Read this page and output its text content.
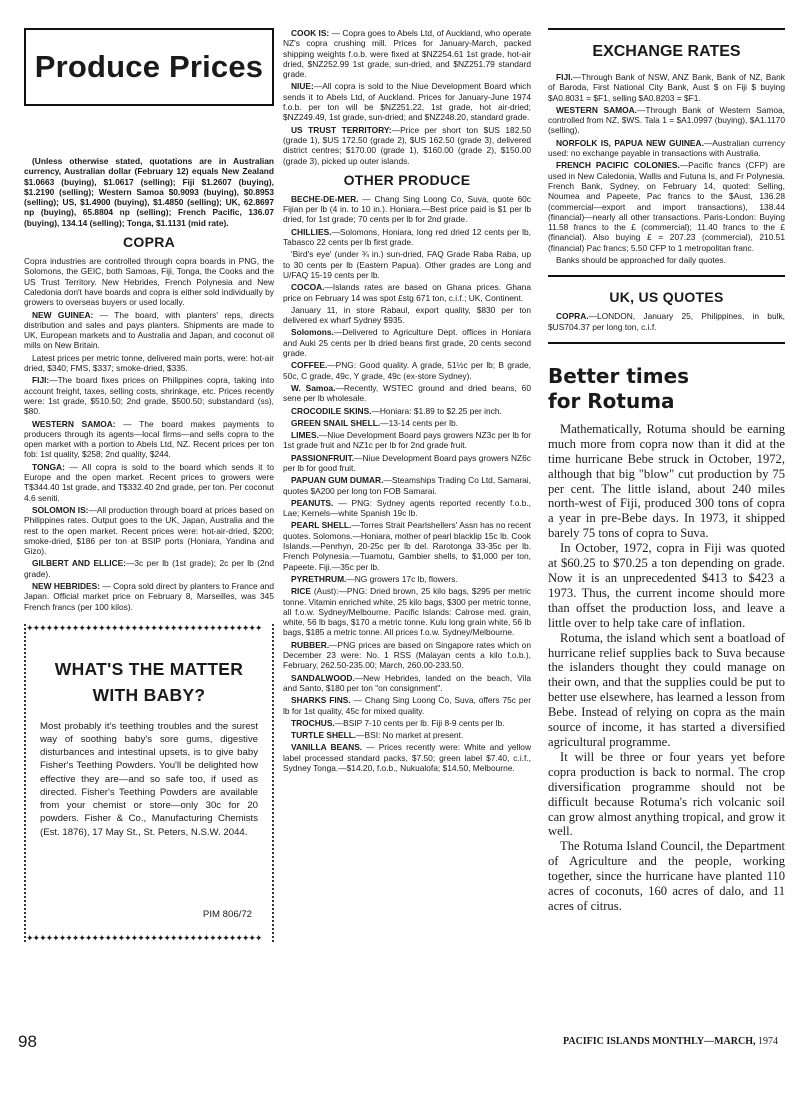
Produce Prices

(Unless otherwise stated, quotations are in Australian currency, Australian dollar (February 12) equals New Zealand $1.0663 (buying), $1.0617 (selling); Fiji $1.2607 (buying), $1.2190 (selling); Western Samoa $0.9093 (buying), $0.8953 (selling); US, $1.4900 (buying), $1.4850 (selling); UK, 62.8697 np (buying), 65.8804 np (selling); French Pacific, 136.07 (buying), 134.14 (selling); Tonga, $1.1131 (mid rate).

COPRA

Copra industries are controlled through copra boards in PNG, the Solomons, the GEIC, both Samoas, Fiji, Tonga, the Cooks and the US Trust Territory. New Hebrides, French Polynesia and New Caledonia don't have boards and copra is either sold individually by growers to overseas buyers or used locally.

NEW GUINEA: — The board, with planters' reps, directs distribution and sales and pays planters. Shipments are made to UK, European markets and to Australia and Japan, and coconut oil mills on New Britain.

Latest prices per metric tonne, delivered main ports, were: hot-air dried, $340; FMS, $337; smoke-dried, $335.

FIJI:—The board fixes prices on Philippines copra, taking into account freight, taxes, selling costs, shrinkage, etc. Prices recently were: 1st grade, $510.50; 2nd grade, $500.50; substandard (ss), $80.

WESTERN SAMOA: — The board makes payments to producers through its agents—local firms—and sells copra to the open market with a portion to Abels Ltd, NZ. Recent prices per ton fob: 1st quality, $258; 2nd quality, $244.

TONGA: — All copra is sold to the board which sends it to Europe and the open market. Recent prices to growers were T$344.40 1st grade, and T$332.40 2nd grade, per ton. Per coconut 4.6 seniti.

SOLOMON IS:—All production through board at prices based on Philippines rates. Output goes to the UK, Japan, Australia and the rest to the open market. Recent prices were: hot-air-dried, $200; smoke-dried, $186 per ton at BSIP ports (Honiara, Yandina and Gizo).

GILBERT AND ELLICE:—3c per lb (1st grade); 2c per lb (2nd grade).

NEW HEBRIDES: — Copra sold direct by planters to France and Japan. Official market price on February 8, Marseilles, was 345 French francs (per 100 kilos).

✦✦✦✦✦✦✦✦✦✦✦✦✦✦✦✦✦✦✦✦✦✦✦✦✦✦✦✦✦✦✦✦✦✦✦✦
WHAT'S THE MATTER WITH BABY?
Most probably it's teething troubles and the surest way of soothing baby's sore gums, digestive disturbances and intestinal upsets, is to give baby Fisher's Teething Powders. You'll be delighted how effective they are—and so safe too, if used as directed. Fisher's Teething Powders are available from your chemist or store—only 30c for 20 powders. Fisher & Co., Manufacturing Chemists (Est. 1876), 17 May St., St. Peters, N.S.W. 2044.
PIM 806/72
✦✦✦✦✦✦✦✦✦✦✦✦✦✦✦✦✦✦✦✦✦✦✦✦✦✦✦✦✦✦✦✦✦✦✦✦

COOK IS: — Copra goes to Abels Ltd, of Auckland, who operate NZ's copra crushing mill. Prices for January-March, packed shipping weights f.o.b. were fixed at $NZ254.61 1st grade, hot-air dried, $NZ252.99 1st grade, sun-dried, and $NZ251.79 standard grade.

NIUE:—All copra is sold to the Niue Development Board which sends it to Abels Ltd, of Auckland. Prices for January-June 1974 f.o.b. per ton will be $NZ251.22, 1st grade, hot air-dried; $NZ249.49, 1st grade, sun-dried; and $NZ248.20, standard grade.

US TRUST TERRITORY:—Price per short ton $US 182.50 (grade 1), $US 172.50 (grade 2), $US 162.50 (grade 3), delivered district centres; $170.00 (grade 1), $160.00 (grade 2), $150.00 (grade 3), picked up outer islands.

OTHER PRODUCE

BECHE-DE-MER. — Chang Sing Loong Co, Suva, quote 60c Fijian per lb (4 in. to 10 in.). Honiara.—Best price paid is $1 per lb dried, for 1st grade; 70 cents per lb for 2nd grade.

CHILLIES.—Solomons, Honiara, long red dried 12 cents per lb, Tabasco 22 cents per lb first grade.

'Bird's eye' (under ¾ in.) sun-dried, FAQ Grade Raba Raba, up to 30 cents per lb (Eastern Papua). Other grades are Long and U/FAQ 15-19 cents per lb.

COCOA.—Islands rates are based on Ghana prices. Ghana price on February 14 was spot £stg 671 ton, c.i.f.; UK, Continent.

January 11, in store Rabaul, export quality, $830 per ton delivered ex wharf Sydney $935.

Solomons.—Delivered to Agriculture Dept. offices in Honiara and Auki 25 cents per lb dried beans first grade, 20 cents second grade.

COFFEE.—PNG: Good quality. A grade, 51½c per lb; B grade, 50c, C grade, 49c, Y grade, 49c (ex-store Sydney).

W. Samoa.—Recently, WSTEC ground and dried beans, 60 sene per lb wholesale.

CROCODILE SKINS.—Honiara: $1.89 to $2.25 per inch.

GREEN SNAIL SHELL.—13-14 cents per lb.

LIMES.—Niue Development Board pays growers NZ3c per lb for 1st grade fruit and NZ1c per lb for 2nd grade fruit.

PASSIONFRUIT.—Niue Development Board pays growers NZ6c per lb for good fruit.

PAPUAN GUM DUMAR.—Steamships Trading Co Ltd, Samarai, quotes $A200 per long ton FOB Samarai.

PEANUTS. — PNG: Sydney agents reported recently f.o.b., Lae; Kernels—white Spanish 19c lb.

PEARL SHELL.—Torres Strait Pearlshellers' Assn has no recent quotes. Solomons.—Honiara, mother of pearl blacklip 15c lb. Cook Islands.—Penrhyn, 20-25c per lb del. Rarotonga 33-35c per lb. French Polynesia.—Tuamotu, Gambier shells, to $1,000 per ton, Papeete. Fiji.—35c per lb.

PYRETHRUM.—NG growers 17c lb, flowers.

RICE (Aust):—PNG: Dried brown, 25 kilo bags, $295 per metric tonne. Vitamin enriched white, 25 kilo bags, $300 per metric tonne, all f.o.w. Sydney/Melbourne. Pacific Islands: Calrose med. grain, white, 56 lb bags, $170 a metric tonne. Kulu long grain white, 56 lb bags, $185 a metric tonne. All prices f.o.w. Sydney/Melbourne.

RUBBER.—PNG prices are based on Singapore rates which on December 23 were: No. 1 RSS (Malayan cents a kilo f.o.b.), February, 262.50-235.00; March, 260.00-233.50.

SANDALWOOD.—New Hebrides, landed on the beach, Vila and Santo, $180 per ton "on consignment".

SHARKS FINS. — Chang Sing Loong Co, Suva, offers 75c per lb for 1st quality, 45c for mixed quality.

TROCHUS.—BSIP 7-10 cents per lb. Fiji 8-9 cents per lb.

TURTLE SHELL.—BSI: No market at present.

VANILLA BEANS. — Prices recently were: White and yellow label processed standard packs, $7.50; green label $7.40, c.i.f., Sydney Tonga.—$14.20, f.o.b., Nukualofa; $14.50, Melbourne.

EXCHANGE RATES

FIJI.—Through Bank of NSW, ANZ Bank, Bank of NZ, Bank of Baroda, First National City Bank, Aust $ on Fiji $ buying $A0.8031 = $F1, selling $A0.8203 = $F1.

WESTERN SAMOA.—Through Bank of Western Samoa, controlled from NZ, $WS. Tala 1 = $A1.0997 (buying), $A1.1170 (selling).

NORFOLK IS, PAPUA NEW GUINEA.—Australian currency used: no exchange payable in transactions with Australia.

FRENCH PACIFIC COLONIES.—Pacific francs (CFP) are used in New Caledonia, Wallis and Futuna Is, and Fr Polynesia. French Bank, Sydney, on February 14, quoted: Selling, Noumea and Papeete, Pac francs to the $Aust, 136.28 (commercial—export and import transactions), 138.44 (financial)—nearly all other transactions. Paris-London: Buying 11.58 francs to the £ (commercial); 11.40 francs to the £ (financial). Also buying £ = 207.23 (commercial), 210.51 (financial) Pac francs; 5.50 CFP to 1 metropolitan franc.

Banks should be approached for daily quotes.

UK, US QUOTES

COPRA.—LONDON, January 25, Philippines, in bulk, $US704.37 per long ton, c.i.f.

Better times
for Rotuma

Mathematically, Rotuma should be earning much more from copra now than it did at the time hurricane Bebe struck in October, 1972, although that big "blow" cut production by 75 per cent. The little island, about 240 miles north-west of Fiji, produced 300 tons of copra a year in pre-Bebe days. In 1973, it shipped barely 75 tons of copra to Suva.

In October, 1972, copra in Fiji was quoted at $60.25 to $70.25 a ton depending on grade. Now it is an unprecedented $413 to $423 a 1973. Thus, the current income should more than offset the production loss, and leave a little over to help take care of inflation.

Rotuma, the island which sent a boatload of hurricane relief supplies back to Suva because the islanders thought they could manage on their own, and that the supplies could be put to better use elsewhere, has learned a lesson from Bebe. Instead of relying on copra as the main source of income, it has started a diversified agricultural programme.

It will be three or four years yet before copra production is back to normal. The crop diversification programme should not be difficult because Rotuma's rich volcanic soil can grow almost anything tropical, and grow it well.

The Rotuma Island Council, the Department of Agriculture and the people, working together, since the hurricane have planted 110 acres of coconuts, 160 acres of dalo, and 11 acres of citrus.

98	PACIFIC ISLANDS MONTHLY—MARCH, 1974
